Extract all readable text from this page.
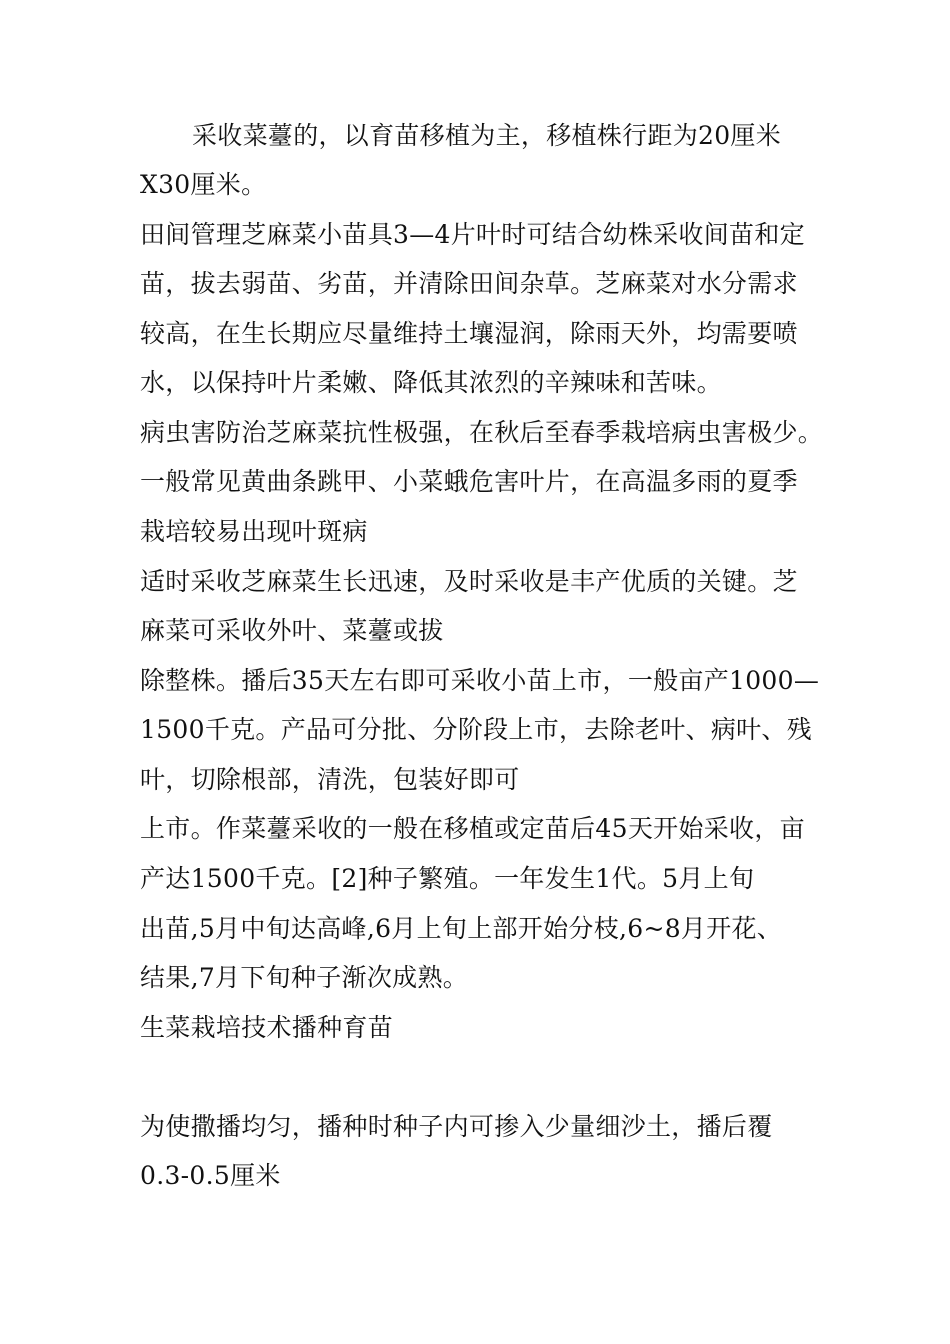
采收菜薹的，以育苗移植为主，移植株行距为20厘米
X30厘米。
田间管理芝麻菜小苗具3—4片叶时可结合幼株采收间苗和定
苗，拔去弱苗、劣苗，并清除田间杂草。芝麻菜对水分需求
较高，在生长期应尽量维持土壤湿润，除雨天外，均需要喷
水，以保持叶片柔嫩、降低其浓烈的辛辣味和苦味。
病虫害防治芝麻菜抗性极强，在秋后至春季栽培病虫害极少。
一般常见黄曲条跳甲、小菜蛾危害叶片，在高温多雨的夏季
栽培较易出现叶斑病
适时采收芝麻菜生长迅速，及时采收是丰产优质的关键。芝
麻菜可采收外叶、菜薹或拔
除整株。播后35天左右即可采收小苗上市，一般亩产1000—
1500千克。产品可分批、分阶段上市，去除老叶、病叶、残
叶，切除根部，清洗，包装好即可
上市。作菜薹采收的一般在移植或定苗后45天开始采收，亩
产达1500千克。[2]种子繁殖。一年发生1代。5月上旬
出苗,5月中旬达高峰,6月上旬上部开始分枝,6~8月开花、
结果,7月下旬种子渐次成熟。
生菜栽培技术播种育苗
为使撒播均匀，播种时种子内可掺入少量细沙土，播后覆
0.3-0.5厘米
